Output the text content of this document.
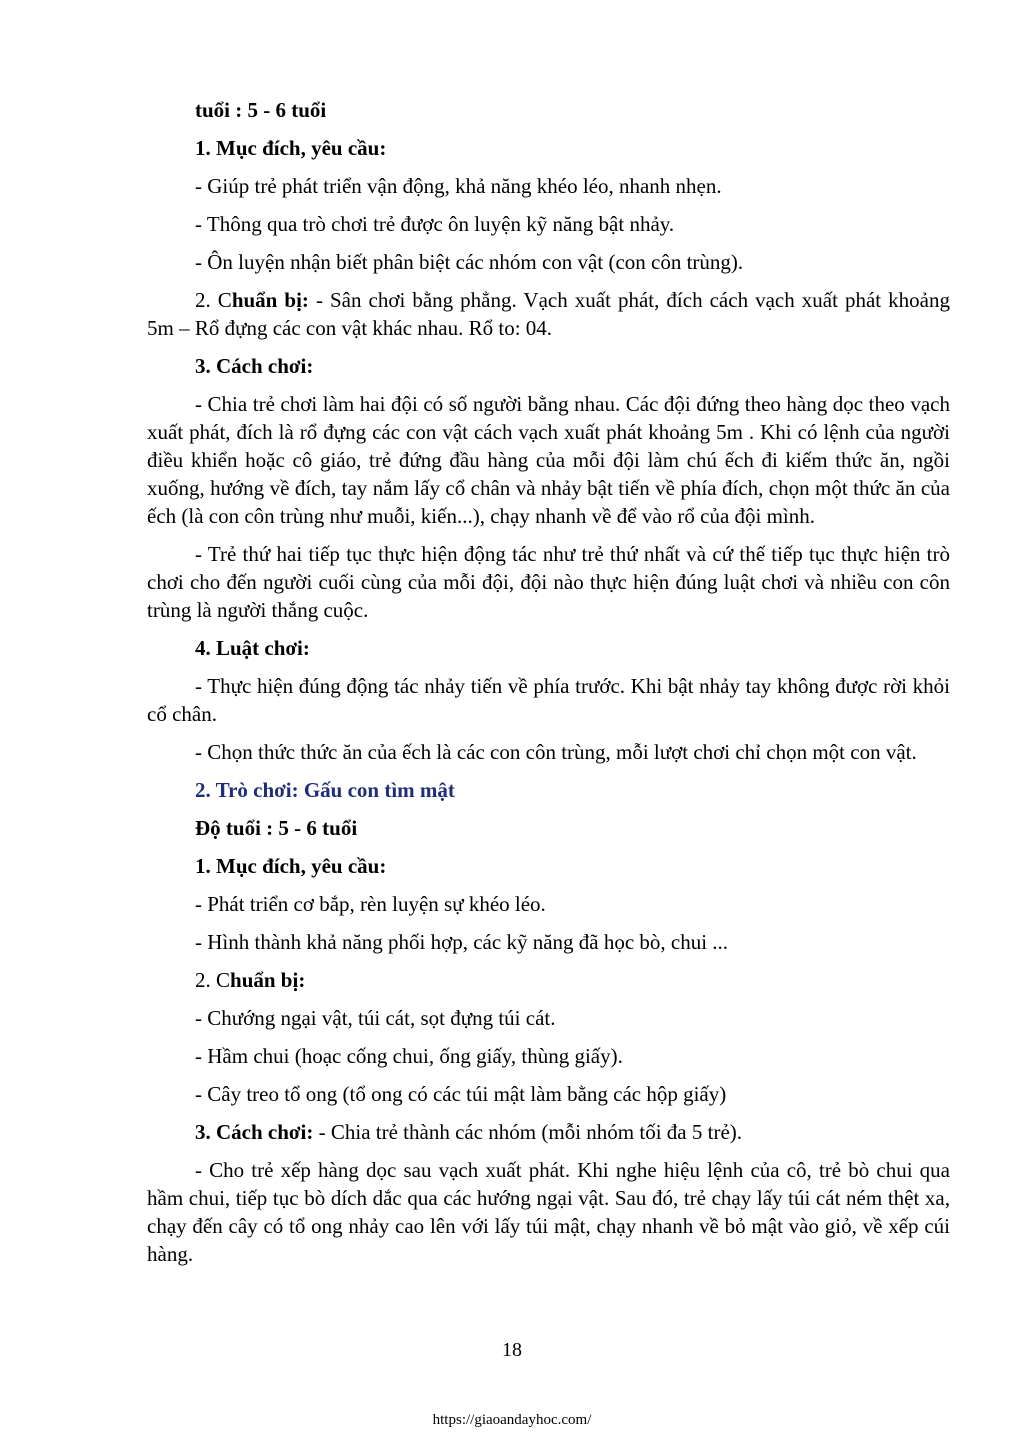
tuổi : 5 - 6 tuổi

1. Mục đích, yêu cầu:

- Giúp trẻ phát triển vận động, khả năng khéo léo, nhanh nhẹn.

- Thông qua trò chơi trẻ được ôn luyện kỹ năng bật nhảy.

- Ôn luyện nhận biết phân biệt các nhóm con vật (con côn trùng).

2. Chuẩn bị: - Sân chơi bằng phẳng. Vạch xuất phát, đích cách vạch xuất phát khoảng 5m – Rổ đựng các con vật khác nhau. Rổ to: 04.

3. Cách chơi:

- Chia trẻ chơi làm hai đội có số người bằng nhau. Các đội đứng theo hàng dọc theo vạch xuất phát, đích là rổ đựng các con vật cách vạch xuất phát khoảng 5m . Khi có lệnh của người điều khiển hoặc cô giáo, trẻ đứng đầu hàng của mỗi đội làm chú ếch đi kiếm thức ăn, ngồi xuống, hướng về đích, tay nắm lấy cổ chân và nhảy bật tiến về phía đích, chọn một thức ăn của ếch (là con côn trùng như muỗi, kiến...), chạy nhanh về để vào rổ của đội mình.

- Trẻ thứ hai tiếp tục thực hiện động tác như trẻ thứ nhất và cứ thế tiếp tục thực hiện trò chơi cho đến người cuối cùng của mỗi đội, đội nào thực hiện đúng luật chơi và nhiều con côn trùng là người thắng cuộc.

4. Luật chơi:

- Thực hiện đúng động tác nhảy tiến về phía trước. Khi bật nhảy tay không được rời khỏi cổ chân.

- Chọn thức thức ăn của ếch là các con côn trùng, mỗi lượt chơi chỉ chọn một con vật.

2. Trò chơi: Gấu con tìm mật

Độ tuổi : 5 - 6 tuổi

1. Mục đích, yêu cầu:

- Phát triển cơ bắp, rèn luyện sự khéo léo.

- Hình thành khả năng phối hợp, các kỹ năng đã học bò, chui ...

2. Chuẩn bị:

- Chướng ngại vật, túi cát, sọt đựng túi cát.

- Hầm chui (hoạc cống chui, ống giấy, thùng giấy).

- Cây treo tổ ong (tổ ong có các túi mật làm bằng các hộp giấy)

3. Cách chơi: - Chia trẻ thành các nhóm (mỗi nhóm tối đa 5 trẻ).

- Cho trẻ xếp hàng dọc sau vạch xuất phát. Khi nghe hiệu lệnh của cô, trẻ bò chui qua hầm chui, tiếp tục bò dích dắc qua các hướng ngại vật. Sau đó, trẻ chạy lấy túi cát ném thệt xa, chạy đến cây có tổ ong nhảy cao lên với lấy túi mật, chạy nhanh về bỏ mật vào giỏ, về xếp cúi hàng.

18
https://giaoandayhoc.com/
